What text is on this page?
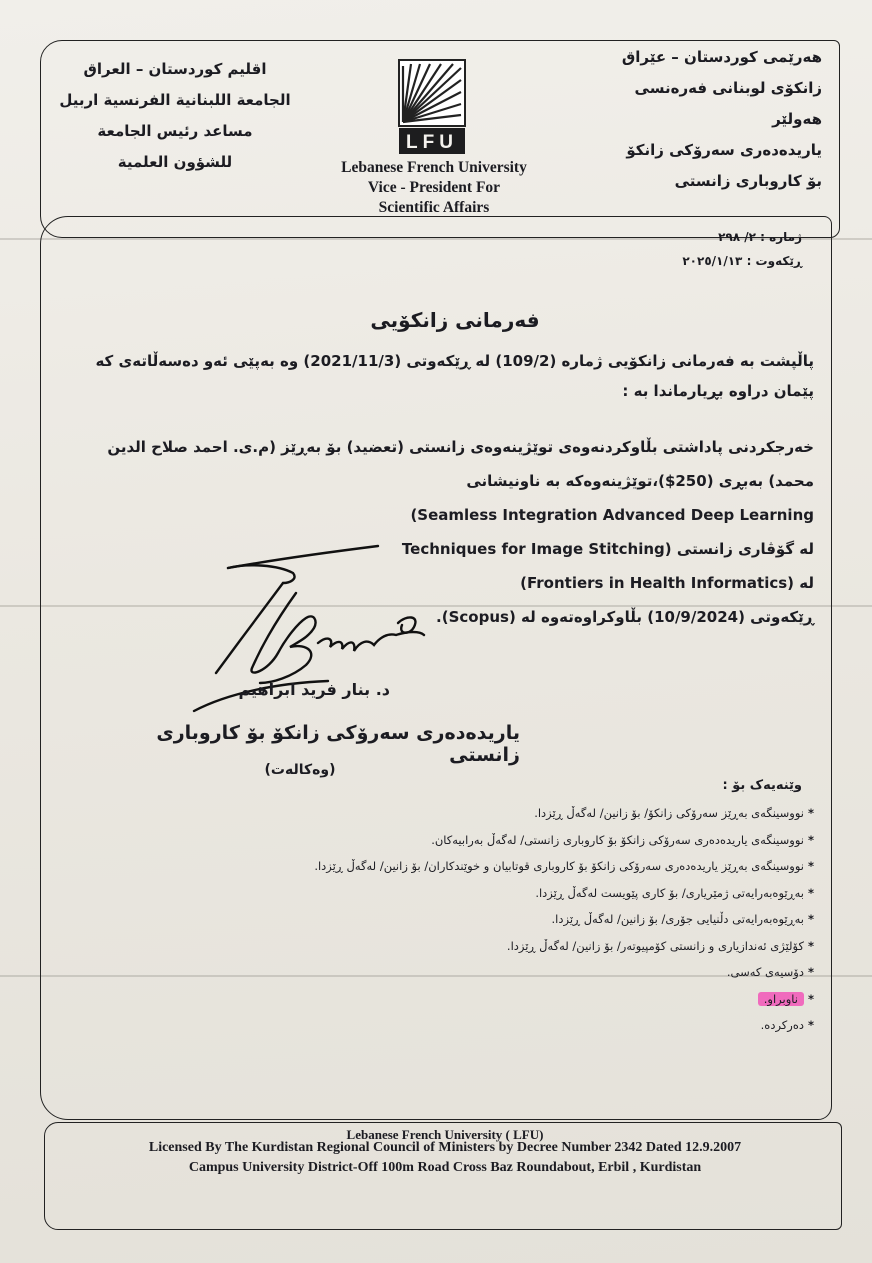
هەرێمی کوردستان – عێراق
زانکۆی لوبنانی فەرەنسی هەولێر
یاریدەدەری سەرۆکی زانکۆ
بۆ کاروباری زانستی
اقليم كوردستان – العراق
الجامعة اللبنانية الفرنسية اربيل
مساعد رئيس الجامعة
للشؤون العلمية
LFU
Lebanese French University
Vice - President For
Scientific Affairs
ژمارە : ٢/ ٢٩٨
ڕێکەوت : ٢٠٢٥/١/١٣
فەرمانی زانکۆیی
پاڵپشت بە فەرمانی زانکۆیی ژمارە (109/2) لە ڕێکەوتی (2021/11/3) وە بەپێی ئەو دەسەڵاتەی کە پێمان دراوە بڕیارماندا بە :
خەرجکردنی پاداشتی بڵاوکردنەوەی توێژینەوەی زانستی (تعضید) بۆ بەڕێز (م.ی. احمد صلاح الدين
محمد) بەبڕی (250$)،توێژینەوەکە بە ناونیشانی (Seamless Integration Advanced Deep Learning
لە گۆڤاری زانستی Techniques for Image Stitching)
لە (Frontiers in Health Informatics)
ڕێکەوتی (10/9/2024) بڵاوکراوەتەوە لە (Scopus).
د. بنار فريد ابراهيم
یاریدەدەری سەرۆکی زانکۆ بۆ کاروباری زانستی
(وەکالەت)
وێنەیەک بۆ :
*نووسینگەی بەڕێز سەرۆکی زانکۆ/ بۆ زانین/ لەگەڵ ڕێزدا.
*نووسینگەی یاریدەدەری سەرۆکی زانکۆ بۆ کاروباری زانستی/ لەگەڵ بەرابیەکان.
*نووسینگەی بەڕێز یاریدەدەری سەرۆکی زانکۆ بۆ کاروباری قوتابیان و خوێندکاران/ بۆ زانین/ لەگەڵ ڕێزدا.
*بەڕێوەبەرایەتی ژمێریاری/ بۆ کاری پێویست لەگەڵ ڕێزدا.
*بەڕێوەبەرایەتی دڵنیایی جۆری/ بۆ زانین/ لەگەڵ ڕێزدا.
*کۆلێژی ئەندازیاری و زانستی کۆمپیوتەر/ بۆ زانین/ لەگەڵ ڕێزدا.
*دۆسیەی کەسی.
*ناوبراو.
*دەرکردە.
Lebanese French University ( LFU)
Licensed By The Kurdistan Regional Council of Ministers by Decree Number 2342 Dated 12.9.2007
Campus University District-Off 100m Road Cross Baz Roundabout, Erbil , Kurdistan
